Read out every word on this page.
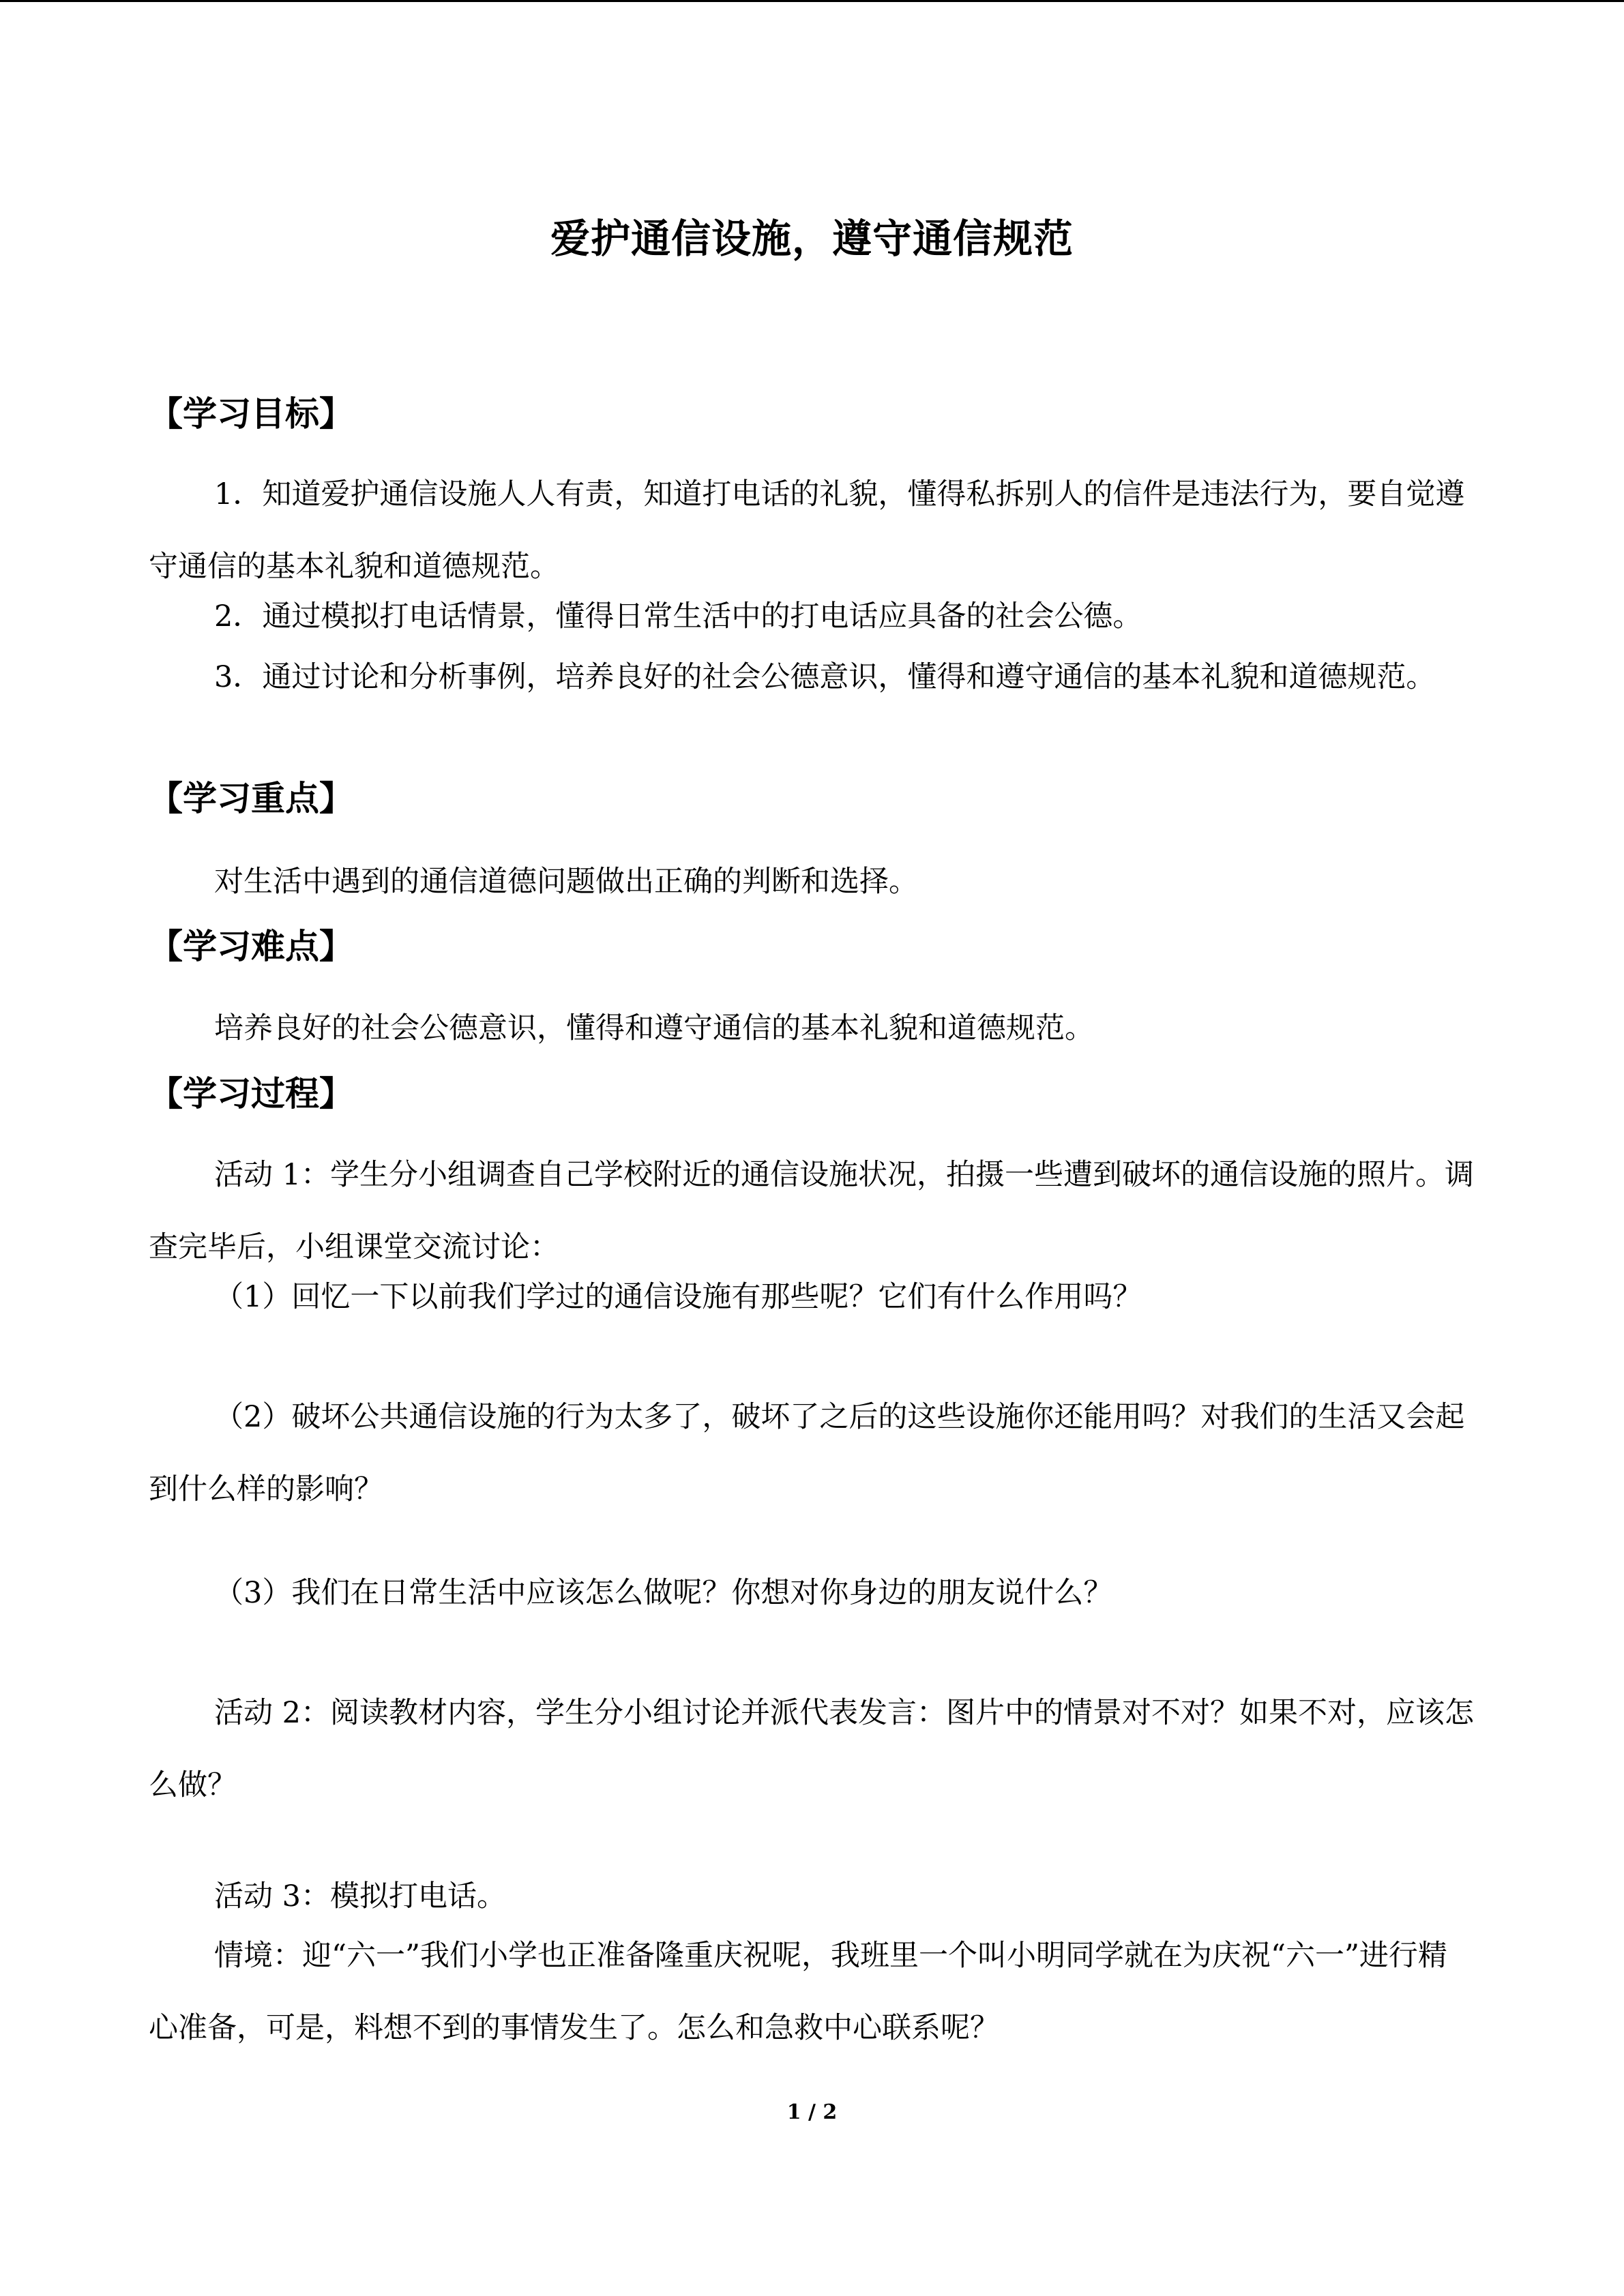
爱护通信设施，遵守通信规范
【学习目标】

1．知道爱护通信设施人人有责，知道打电话的礼貌，懂得私拆别人的信件是违法行为，要自觉遵守通信的基本礼貌和道德规范。

2．通过模拟打电话情景，懂得日常生活中的打电话应具备的社会公德。

3．通过讨论和分析事例，培养良好的社会公德意识，懂得和遵守通信的基本礼貌和道德规范。

【学习重点】

对生活中遇到的通信道德问题做出正确的判断和选择。

【学习难点】

培养良好的社会公德意识，懂得和遵守通信的基本礼貌和道德规范。

【学习过程】

活动 1：学生分小组调查自己学校附近的通信设施状况，拍摄一些遭到破坏的通信设施的照片。调查完毕后，小组课堂交流讨论：

（1）回忆一下以前我们学过的通信设施有那些呢？它们有什么作用吗？

（2）破坏公共通信设施的行为太多了，破坏了之后的这些设施你还能用吗？对我们的生活又会起到什么样的影响？

（3）我们在日常生活中应该怎么做呢？你想对你身边的朋友说什么？

活动 2：阅读教材内容，学生分小组讨论并派代表发言：图片中的情景对不对？如果不对，应该怎么做？

活动 3：模拟打电话。

情境：迎“六一”我们小学也正准备隆重庆祝呢，我班里一个叫小明同学就在为庆祝“六一”进行精心准备，可是，料想不到的事情发生了。怎么和急救中心联系呢？

1 / 2
